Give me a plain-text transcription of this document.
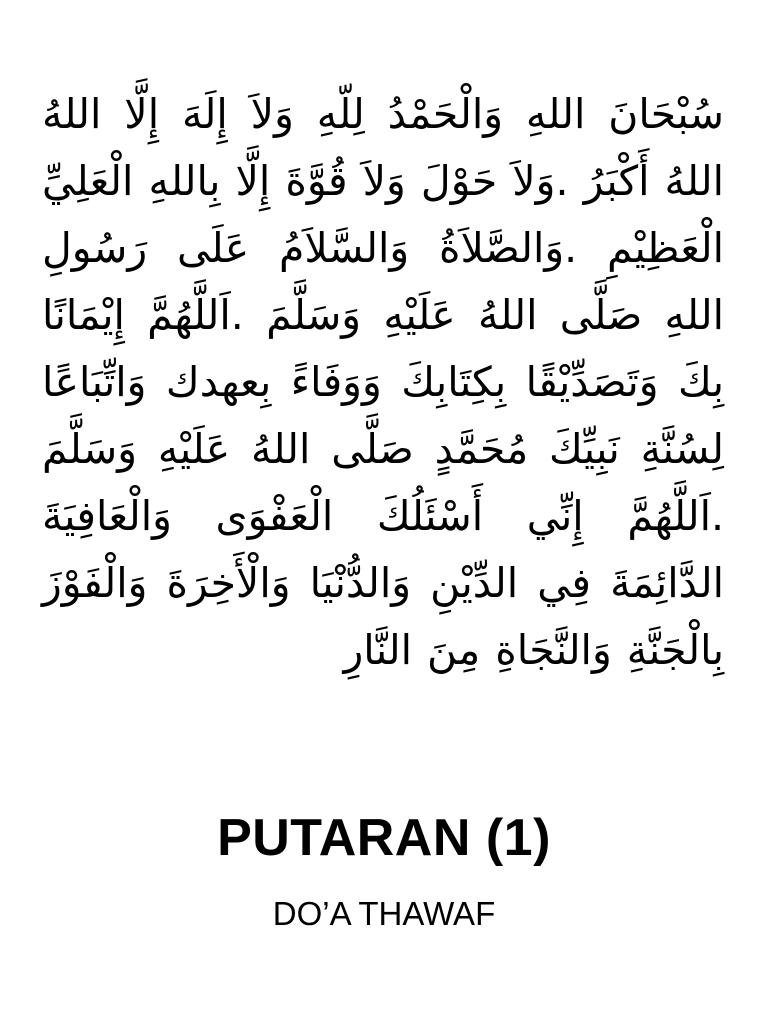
سُبْحَانَ اللهِ وَالْحَمْدُ لِلّهِ وَلاَ إِلَهَ إِلَّا اللهُ اللهُ أَكْبَرُ .وَلاَ حَوْلَ وَلاَ قُوَّةَ إِلَّا بِاللهِ الْعَلِيِّ الْعَظِيْمِ .وَالصَّلاَةُ وَالسَّلاَمُ عَلَى رَسُولِ اللهِ صَلَّى اللهُ عَلَيْهِ وَسَلَّمَ .اَللَّهُمَّ إِيْمَانًا بِكَ وَتَصَدِّيْقًا بِكِتَابِكَ وَوَفَاءً بِعهدك وَاتِّبَاعًا لِسُنَّةِ نَبِيِّكَ مُحَمَّدٍ صَلَّى اللهُ عَلَيْهِ وَسَلَّمَ .اَللَّهُمَّ إِنِّي أَسْئَلُكَ الْعَفْوَى وَالْعَافِيَةَ الدَّائِمَةَ فِي الدِّيْنِ وَالدُّنْيَا وَالْأَخِرَةَ وَالْفَوْزَ بِالْجَنَّةِ وَالنَّجَاةِ مِنَ النَّارِ

PUTARAN (1)
DO’A THAWAF
